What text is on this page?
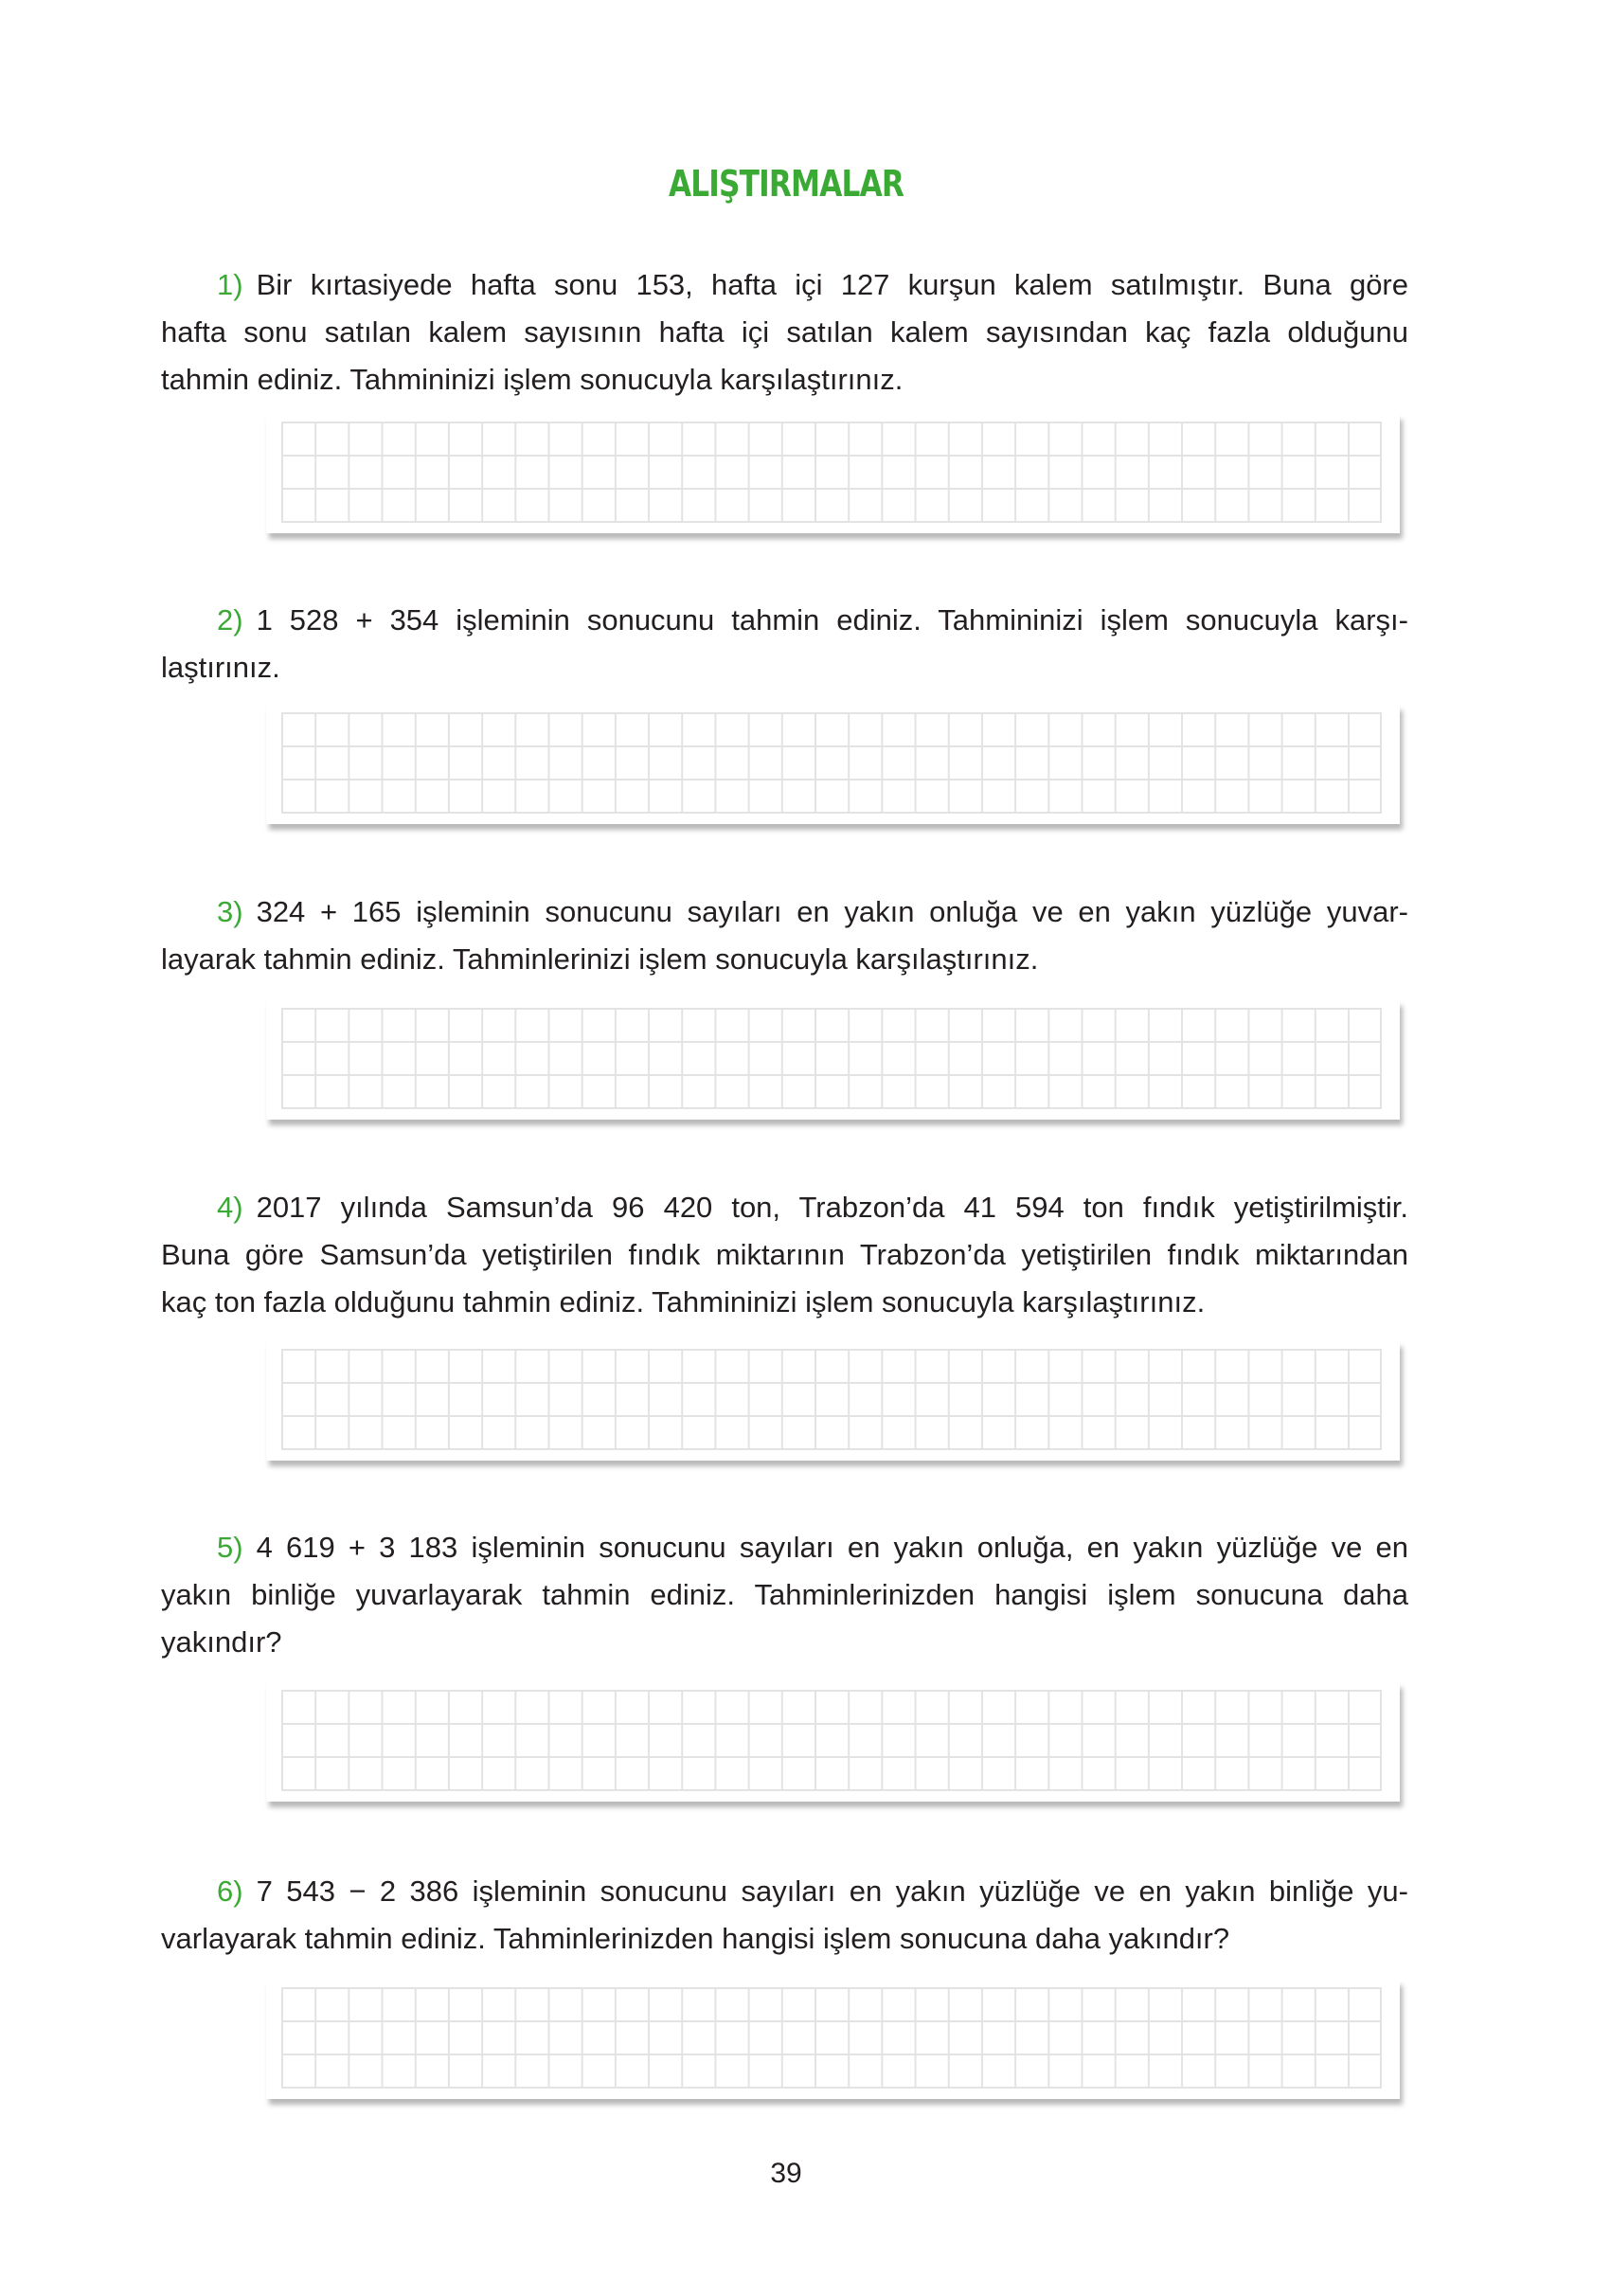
ALIŞTIRMALAR
1) Bir kırtasiyede hafta sonu 153, hafta içi 127 kurşun kalem satılmıştır. Buna göre
hafta sonu satılan kalem sayısının hafta içi satılan kalem sayısından kaç fazla olduğunu
tahmin ediniz. Tahmininizi işlem sonucuyla karşılaştırınız.
2) 1 528 + 354 işleminin sonucunu tahmin ediniz. Tahmininizi işlem sonucuyla karşı-
laştırınız.
3) 324 + 165 işleminin sonucunu sayıları en yakın onluğa ve en yakın yüzlüğe yuvar-
layarak tahmin ediniz. Tahminlerinizi işlem sonucuyla karşılaştırınız.
4) 2017 yılında Samsun’da 96 420 ton, Trabzon’da 41 594 ton fındık yetiştirilmiştir.
Buna göre Samsun’da yetiştirilen fındık miktarının Trabzon’da yetiştirilen fındık miktarından
kaç ton fazla olduğunu tahmin ediniz. Tahmininizi işlem sonucuyla karşılaştırınız.
5) 4 619 + 3 183 işleminin sonucunu sayıları en yakın onluğa, en yakın yüzlüğe ve en
yakın binliğe yuvarlayarak tahmin ediniz. Tahminlerinizden hangisi işlem sonucuna daha
yakındır?
6) 7 543 − 2 386 işleminin sonucunu sayıları en yakın yüzlüğe ve en yakın binliğe yu-
varlayarak tahmin ediniz. Tahminlerinizden hangisi işlem sonucuna daha yakındır?
39
